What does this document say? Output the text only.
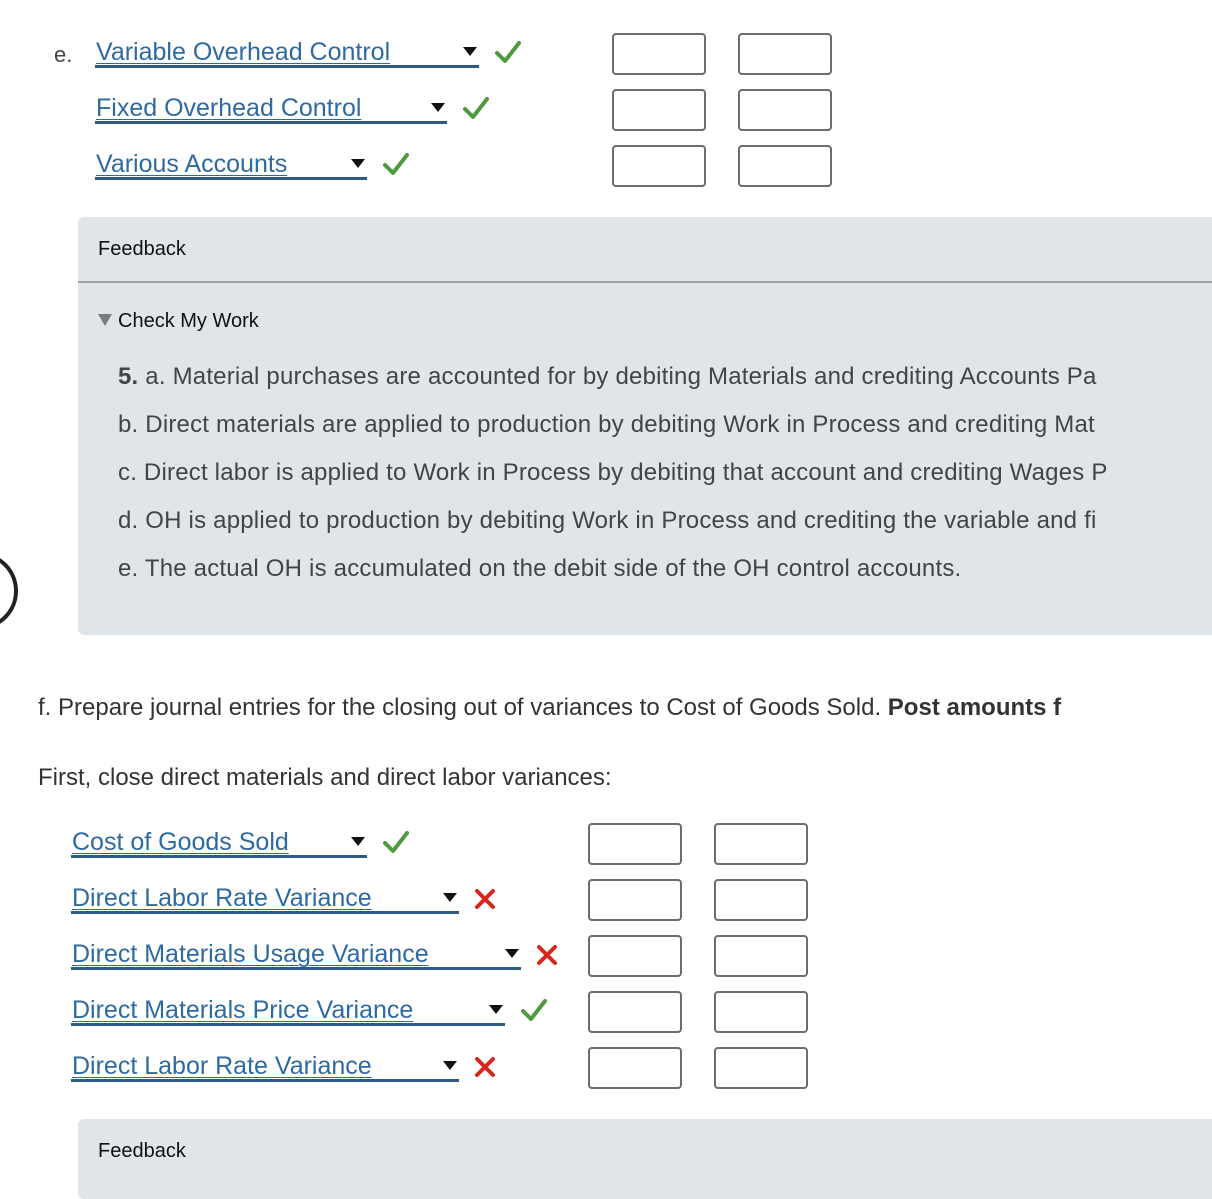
e. Variable Overhead Control
Fixed Overhead Control
Various Accounts
Feedback
Check My Work
5. a. Material purchases are accounted for by debiting Materials and crediting Accounts Pa
b. Direct materials are applied to production by debiting Work in Process and crediting Mat
c. Direct labor is applied to Work in Process by debiting that account and crediting Wages P
d. OH is applied to production by debiting Work in Process and crediting the variable and fi
e. The actual OH is accumulated on the debit side of the OH control accounts.
f. Prepare journal entries for the closing out of variances to Cost of Goods Sold. Post amounts f
First, close direct materials and direct labor variances:
Cost of Goods Sold
Direct Labor Rate Variance
Direct Materials Usage Variance
Direct Materials Price Variance
Direct Labor Rate Variance
Feedback
